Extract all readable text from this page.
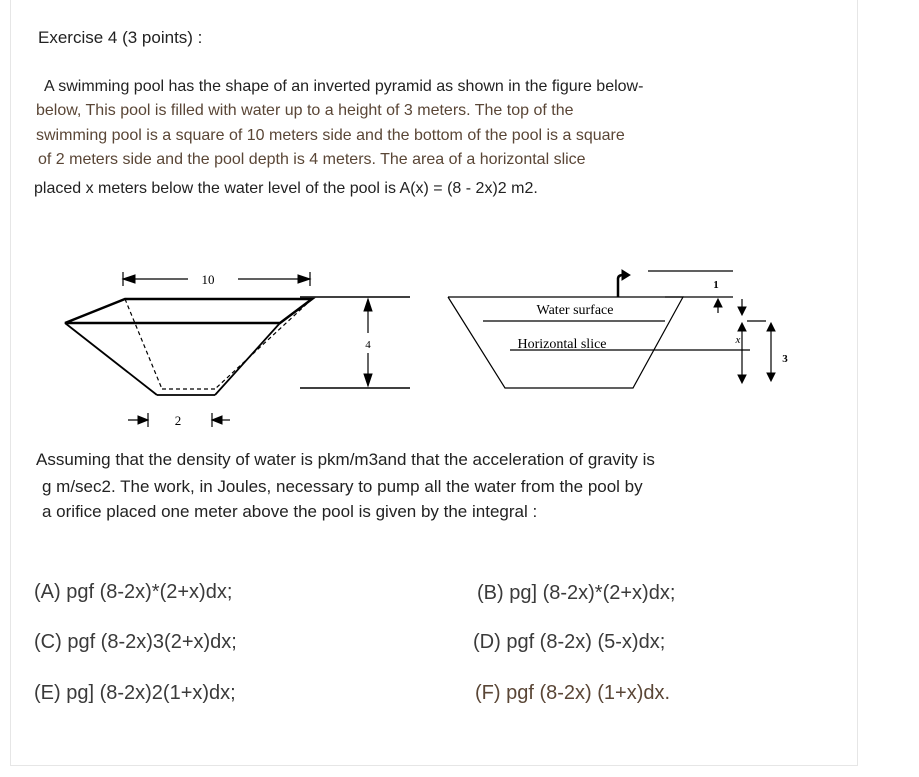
Exercise 4 (3 points) :
A swimming pool has the shape of an inverted pyramid as shown in the figure below-
below, This pool is filled with water up to a height of 3 meters. The top of the
swimming pool is a square of 10 meters side and the bottom of the pool is a square
of 2 meters side and the pool depth is 4 meters. The area of a horizontal slice
placed x meters below the water level of the pool is A(x) = (8 - 2x)2 m2.
10
2
4
Water surface
Horizontal slice
1
x
3
Assuming that the density of water is pkm/m3and that the acceleration of gravity is
g m/sec2. The work, in Joules, necessary to pump all the water from the pool by
a orifice placed one meter above the pool is given by the integral :
(A) pgf (8-2x)*(2+x)dx;	(B) pg] (8-2x)*(2+x)dx;
(C) pgf (8-2x)3(2+x)dx;	(D) pgf (8-2x) (5-x)dx;
(E) pg] (8-2x)2(1+x)dx;	(F) pgf (8-2x) (1+x)dx.
